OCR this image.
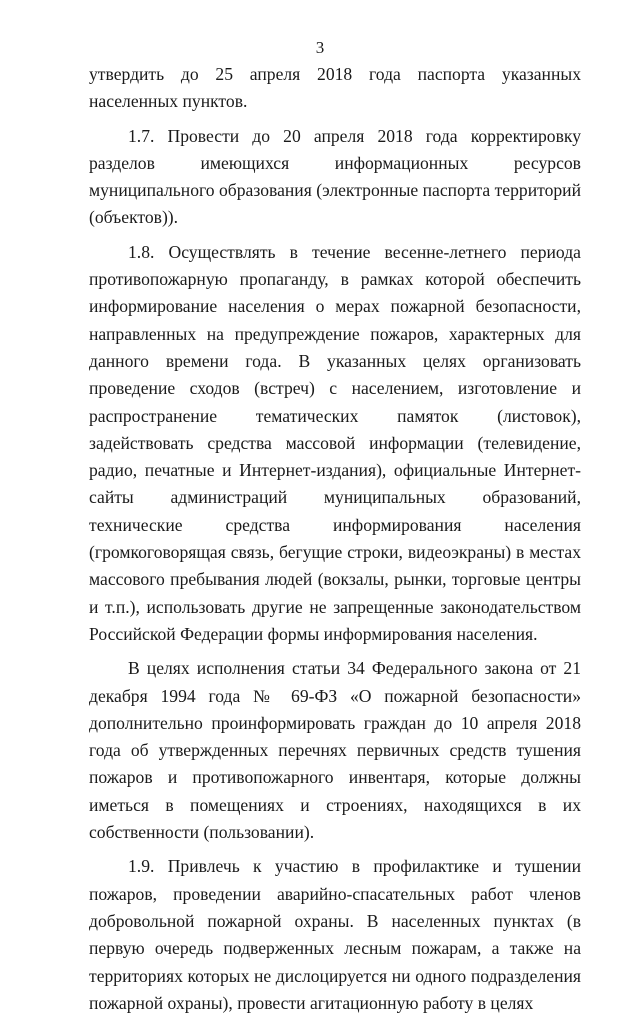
3

утвердить до 25 апреля 2018 года паспорта указанных населенных пунктов.

1.7. Провести до 20 апреля 2018 года корректировку разделов имеющихся информационных ресурсов муниципального образования (электронные паспорта территорий (объектов)).

1.8. Осуществлять в течение весенне-летнего периода противопожарную пропаганду, в рамках которой обеспечить информирование населения о мерах пожарной безопасности, направленных на предупреждение пожаров, характерных для данного времени года. В указанных целях организовать проведение сходов (встреч) с населением, изготовление и распространение тематических памяток (листовок), задействовать средства массовой информации (телевидение, радио, печатные и Интернет-издания), официальные Интернет-сайты администраций муниципальных образований, технические средства информирования населения (громкоговорящая связь, бегущие строки, видеоэкраны) в местах массового пребывания людей (вокзалы, рынки, торговые центры и т.п.), использовать другие не запрещенные законодательством Российской Федерации формы информирования населения.

В целях исполнения статьи 34 Федерального закона от 21 декабря 1994 года № 69-ФЗ «О пожарной безопасности» дополнительно проинформировать граждан до 10 апреля 2018 года об утвержденных перечнях первичных средств тушения пожаров и противопожарного инвентаря, которые должны иметься в помещениях и строениях, находящихся в их собственности (пользовании).

1.9. Привлечь к участию в профилактике и тушении пожаров, проведении аварийно-спасательных работ членов добровольной пожарной охраны. В населенных пунктах (в первую очередь подверженных лесным пожарам, а также на территориях которых не дислоцируется ни одного подразделения пожарной охраны), провести агитационную работу в целях
